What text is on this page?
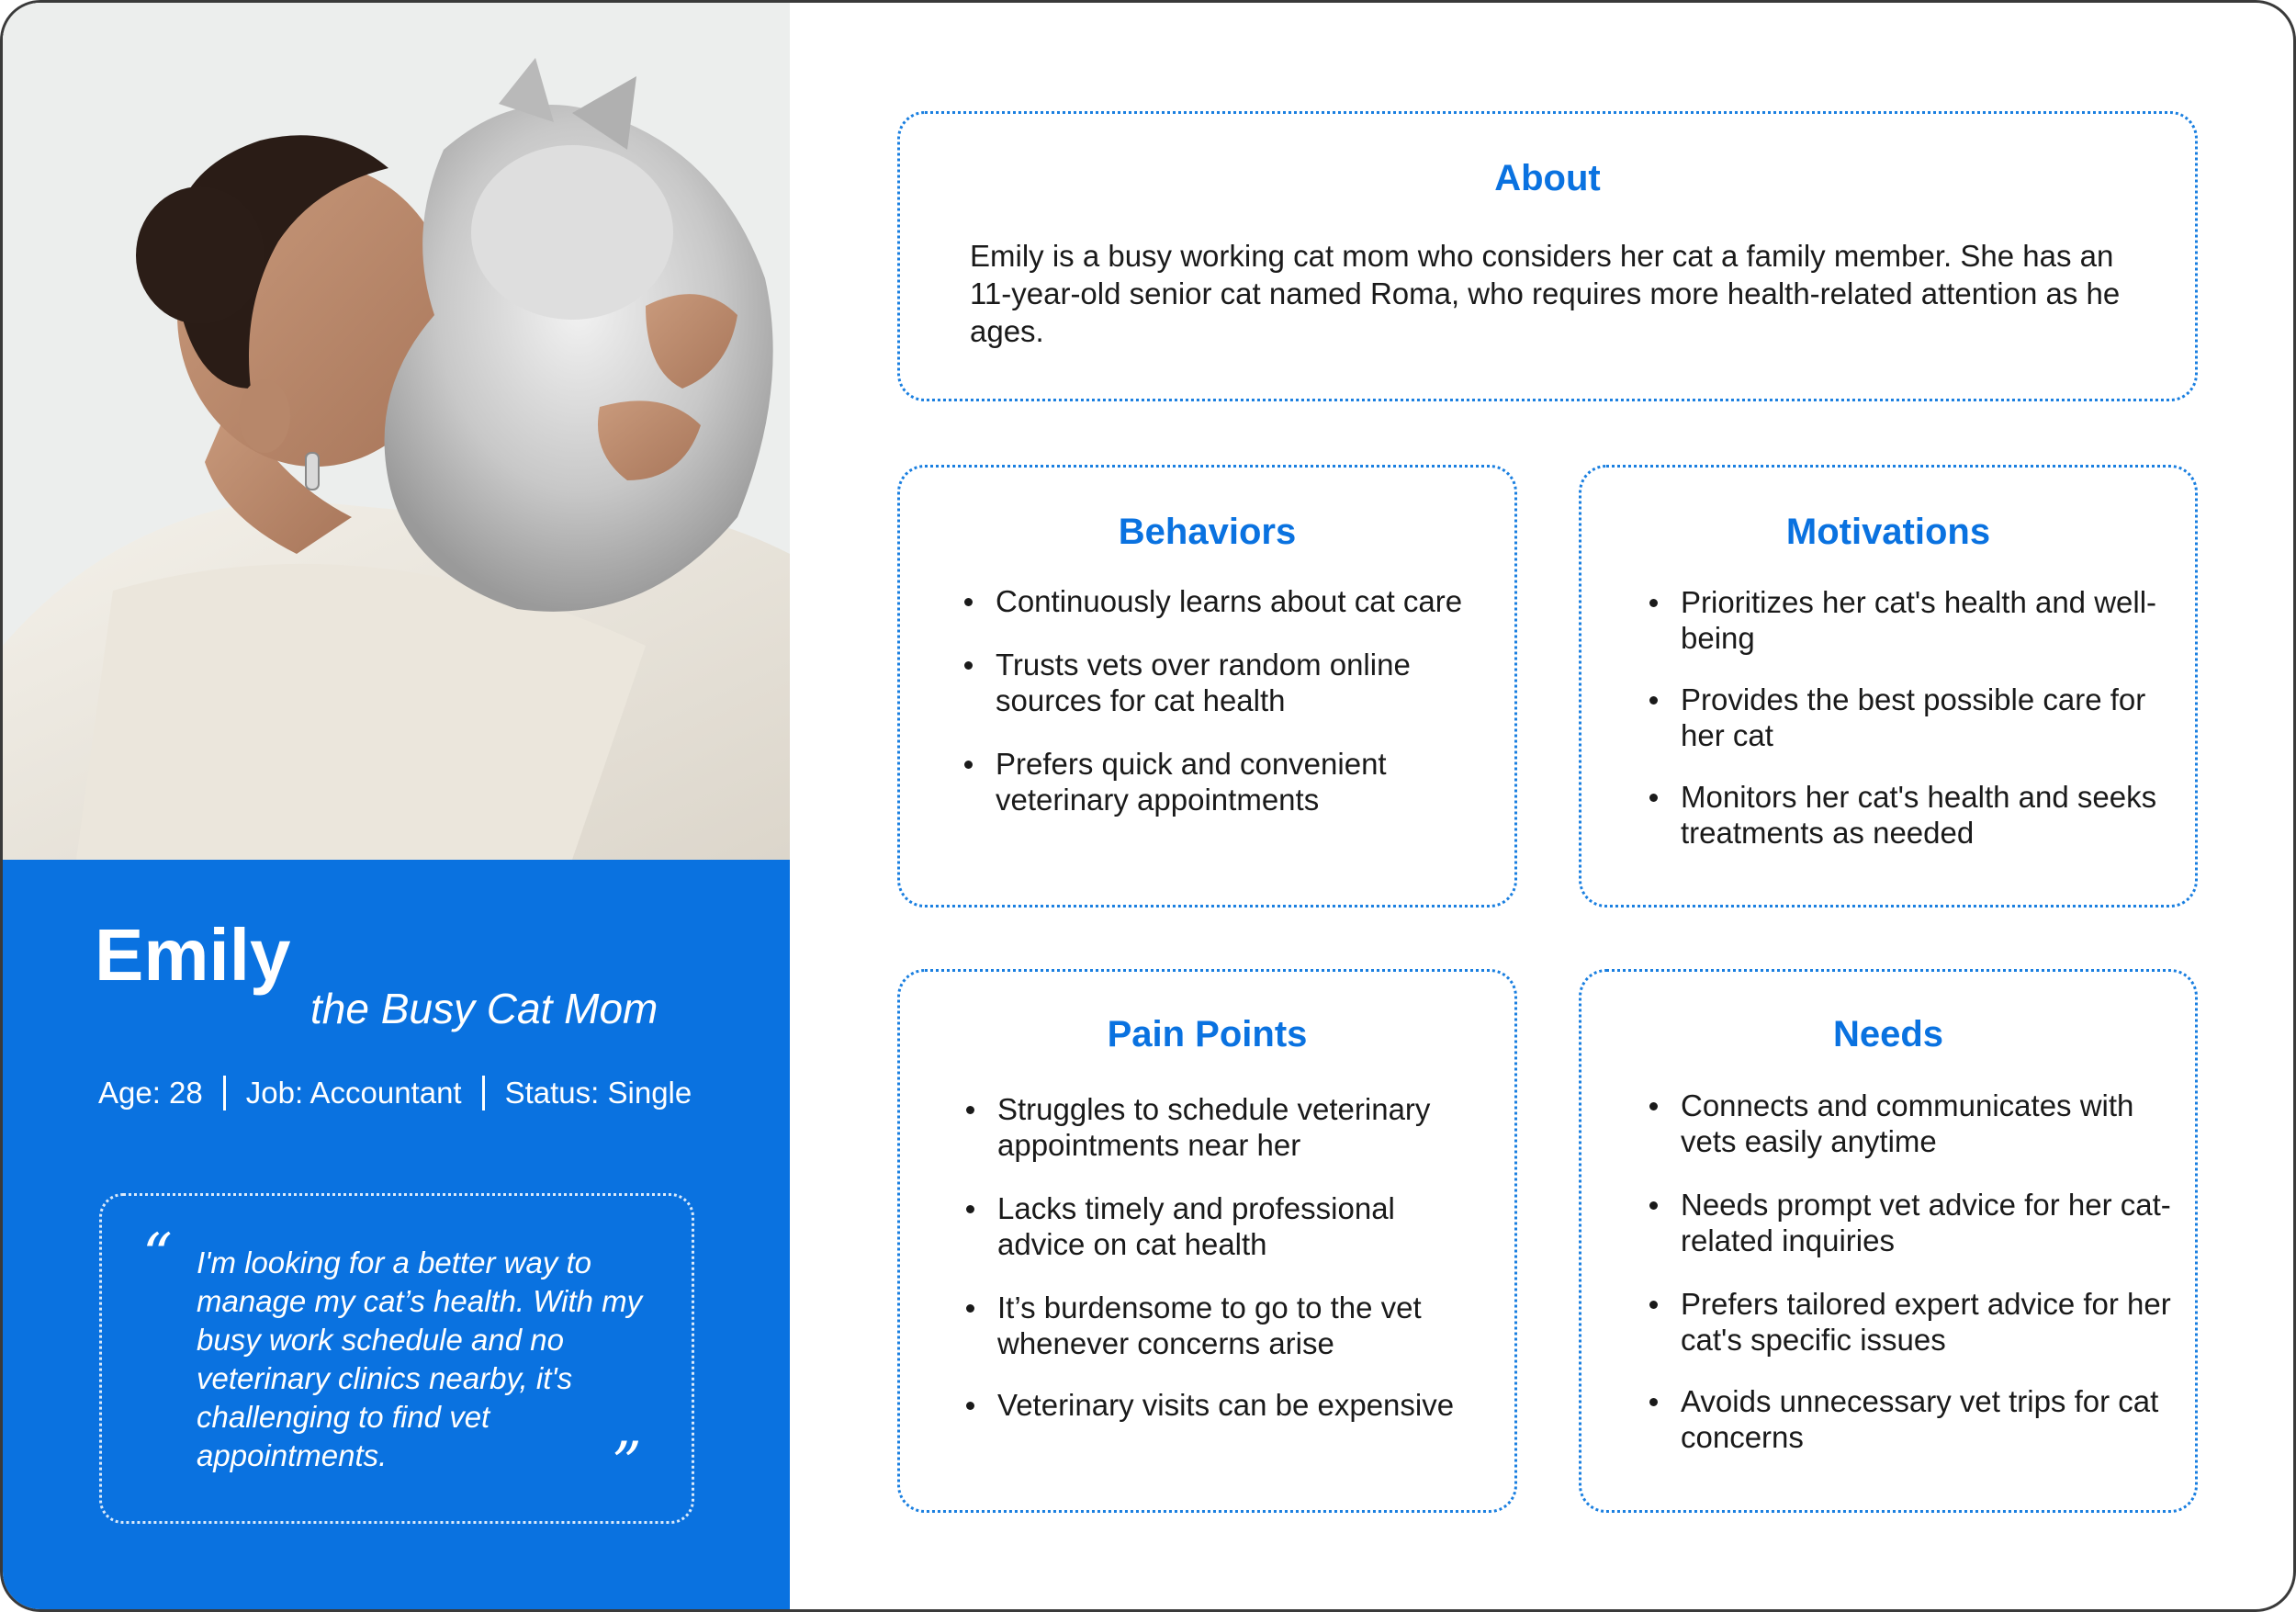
Emily
the Busy Cat Mom
Age: 28 Job: Accountant Status: Single
“ I'm looking for a better way to manage my cat’s health. With my busy work schedule and no veterinary clinics nearby, it's challenging to find vet appointments.	”
About
Emily is a busy working cat mom who considers her cat a family member. She has an 11-year-old senior cat named Roma, who requires more health-related attention as he ages.
Behaviors
Continuously learns about cat care
Trusts vets over random online sources for cat health
Prefers quick and convenient veterinary appointments
Motivations
Prioritizes her cat's health and well-being
Provides the best possible care for her cat
Monitors her cat's health and seeks treatments as needed
Pain Points
Struggles to schedule veterinary appointments near her
Lacks timely and professional advice on cat health
It’s burdensome to go to the vet whenever concerns arise
Veterinary visits can be expensive
Needs
Connects and communicates with vets easily anytime
Needs prompt vet advice for her cat-related inquiries
Prefers tailored expert advice for her cat's specific issues
Avoids unnecessary vet trips for cat concerns
